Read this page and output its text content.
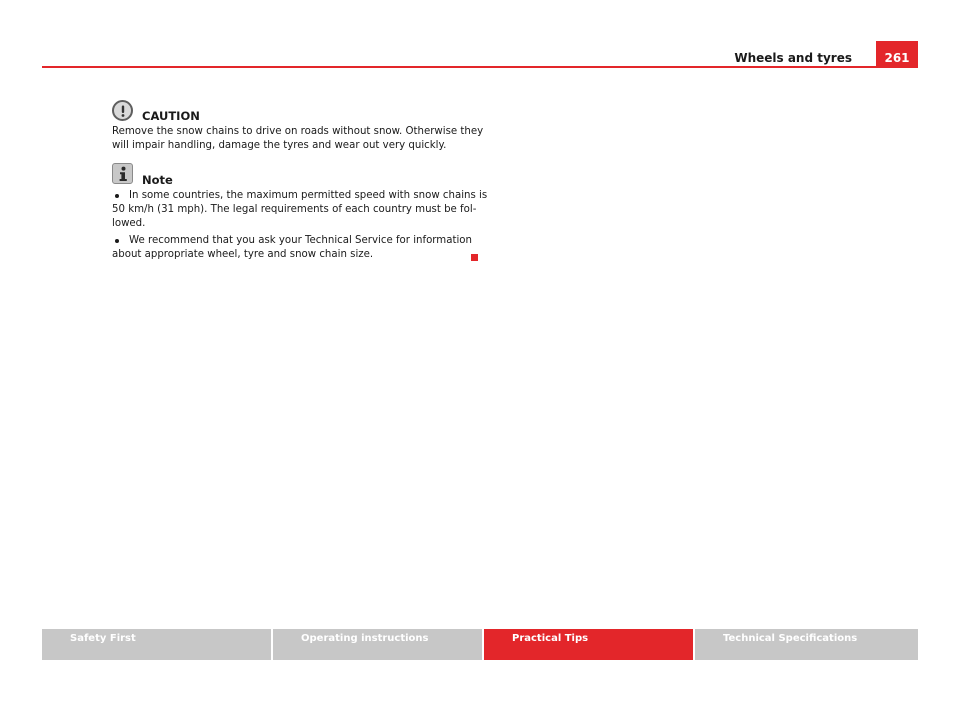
Wheels and tyres	261
CAUTION
Remove the snow chains to drive on roads without snow. Otherwise they
will impair handling, damage the tyres and wear out very quickly.
Note
In some countries, the maximum permitted speed with snow chains is
50 km/h (31 mph). The legal requirements of each country must be fol-
lowed.
We recommend that you ask your Technical Service for information
about appropriate wheel, tyre and snow chain size.
Safety First	Operating instructions	Practical Tips	Technical Specifications
